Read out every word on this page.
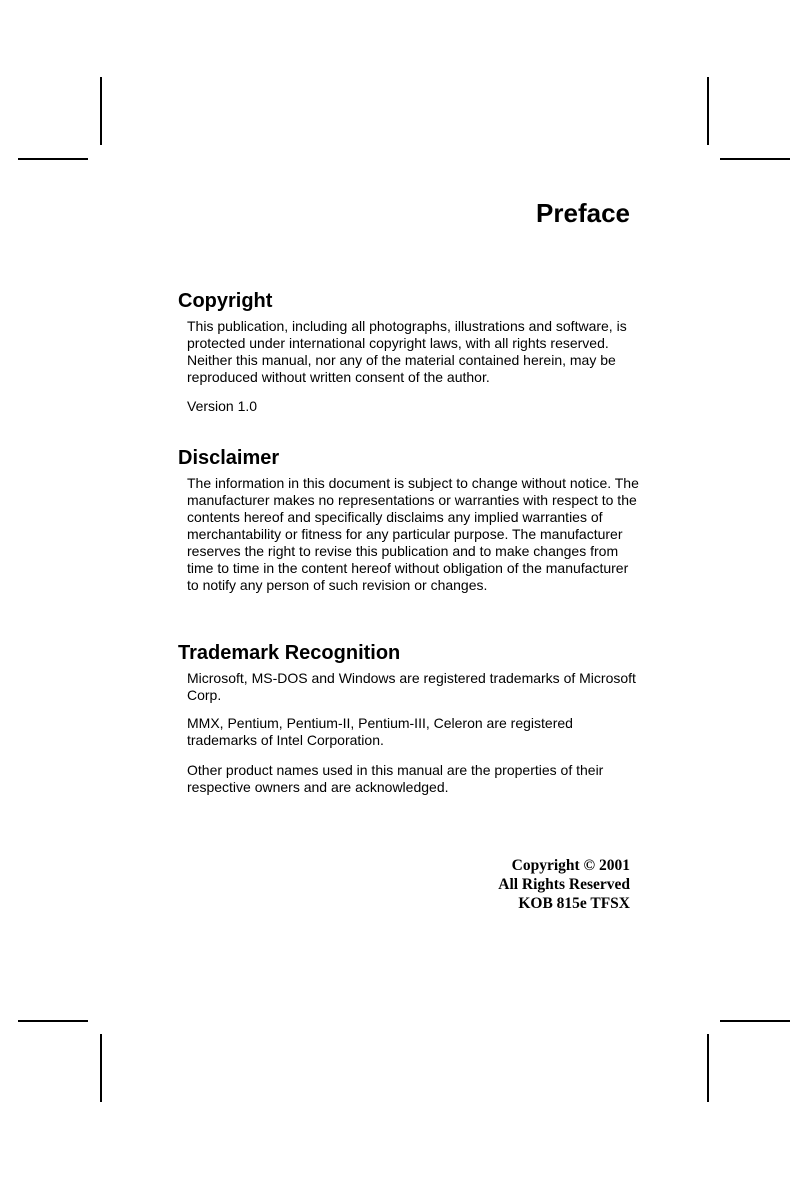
Preface
Copyright

This publication, including all photographs, illustrations and software, is protected under international copyright laws, with all rights reserved. Neither this manual, nor any of the material contained herein, may be reproduced without written consent of the author.

Version 1.0

Disclaimer

The information in this document is subject to change without notice. The manufacturer makes no representations or warranties with respect to the contents hereof and specifically disclaims any implied warranties of merchantability or fitness for any particular purpose. The manufacturer reserves the right to revise this publication and to make changes from time to time in the content hereof without obligation of the manufacturer to notify any person of such revision or changes.

Trademark Recognition

Microsoft, MS-DOS and Windows are registered trademarks of Microsoft Corp.

MMX, Pentium, Pentium-II, Pentium-III, Celeron are registered trademarks of Intel Corporation.

Other product names used in this manual are the properties of their respective owners and are acknowledged.

Copyright © 2001
All Rights Reserved
KOB 815e TFSX
